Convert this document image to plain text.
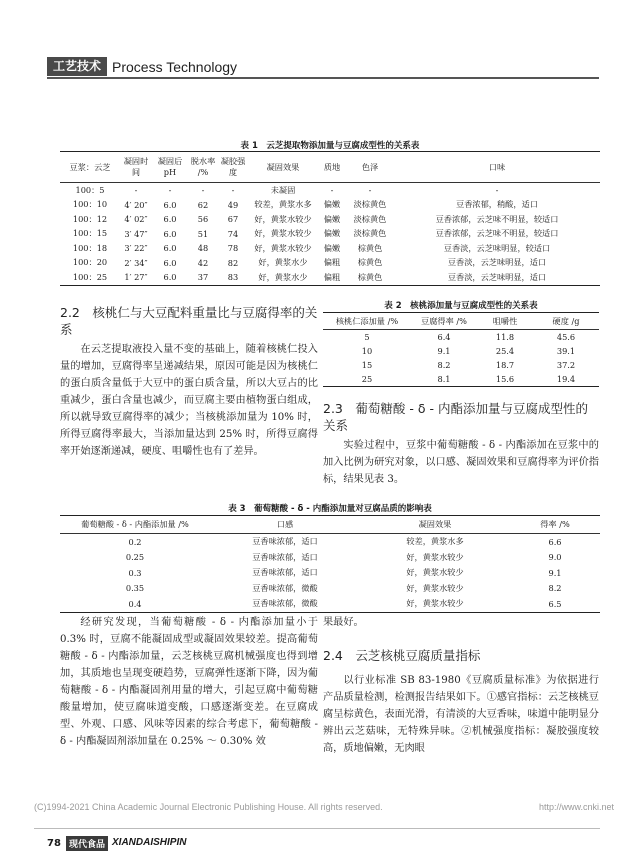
工艺技术 Process Technology
表 1　云芝提取物添加量与豆腐成型性的关系表
豆浆：云芝	凝固时间	凝固后 pH	脱水率 /%	凝胶强度	凝固效果	质地	色泽	口味
100：5	-	-	-	-	未凝固	-	-	-
100：10	4′ 20″	6.0	62	49	较差，黄浆水多	偏嫩	淡棕黄色	豆香浓郁，稍酸，适口
100：12	4′ 02″	6.0	56	67	好，黄浆水较少	偏嫩	淡棕黄色	豆香浓郁，云芝味不明显，较适口
100：15	3′ 47″	6.0	51	74	好，黄浆水较少	偏嫩	淡棕黄色	豆香浓郁，云芝味不明显，较适口
100：18	3′ 22″	6.0	48	78	好，黄浆水较少	偏嫩	棕黄色	豆香淡，云芝味明显，较适口
100：20	2′ 34″	6.0	42	82	好，黄浆水少	偏粗	棕黄色	豆香淡，云芝味明显，适口
100：25	1′ 27″	6.0	37	83	好，黄浆水少	偏粗	棕黄色	豆香淡，云芝味明显，适口
2.2　核桃仁与大豆配料重量比与豆腐得率的关系

在云芝提取液投入量不变的基础上，随着核桃仁投入量的增加，豆腐得率呈递减结果，原因可能是因为核桃仁的蛋白质含量低于大豆中的蛋白质含量，所以大豆占的比重减少，蛋白含量也减少，而豆腐主要由植物蛋白组成，所以就导致豆腐得率的减少；当核桃添加量为 10% 时，所得豆腐得率最大，当添加量达到 25% 时，所得豆腐得率开始逐渐递减，硬度、咀嚼性也有了差异。

表 2　核桃添加量与豆腐成型性的关系表
核桃仁添加量 /%	豆腐得率 /%	咀嚼性	硬度 /g
5	6.4	11.8	45.6
10	9.1	25.4	39.1
15	8.2	18.7	37.2
25	8.1	15.6	19.4
2.3　葡萄糖酸 - δ - 内酯添加量与豆腐成型性的关系

实验过程中，豆浆中葡萄糖酸 - δ - 内酯添加在豆浆中的加入比例为研究对象，以口感、凝固效果和豆腐得率为评价指标，结果见表 3。

表 3　葡萄糖酸 - δ - 内酯添加量对豆腐品质的影响表
葡萄糖酸 - δ - 内酯添加量 /%	口感	凝固效果	得率 /%
0.2	豆香味浓郁，适口	较差，黄浆水多	6.6
0.25	豆香味浓郁，适口	好，黄浆水较少	9.0
0.3	豆香味浓郁，适口	好，黄浆水较少	9.1
0.35	豆香味浓郁，微酸	好，黄浆水较少	8.2
0.4	豆香味浓郁，微酸	好，黄浆水较少	6.5

经研究发现，当葡萄糖酸 - δ - 内酯添加量小于 0.3% 时，豆腐不能凝固成型或凝固效果较差。提高葡萄糖酸 - δ - 内酯添加量，云芝核桃豆腐机械强度也得到增加，其质地也呈现变硬趋势，豆腐弹性逐渐下降，因为葡萄糖酸 - δ - 内酯凝固剂用量的增大，引起豆腐中葡萄糖酸量增加，使豆腐味道变酸，口感逐渐变差。在豆腐成型、外观、口感、风味等因素的综合考虑下，葡萄糖酸 - δ - 内酯凝固剂添加量在 0.25% ～ 0.30% 效

果最好。

2.4　云芝核桃豆腐质量指标

以行业标准 SB 83-1980《豆腐质量标准》为依据进行产品质量检测，检测报告结果如下。①感官指标：云芝核桃豆腐呈棕黄色，表面光滑，有清淡的大豆香味，味道中能明显分辨出云芝菇味，无特殊异味。②机械强度指标：凝胶强度较高，质地偏嫩，无肉眼

(C)1994-2021 China Academic Journal Electronic Publishing House. All rights reserved.	http://www.cnki.net
78 现代食品 XIANDAISHIPIN
